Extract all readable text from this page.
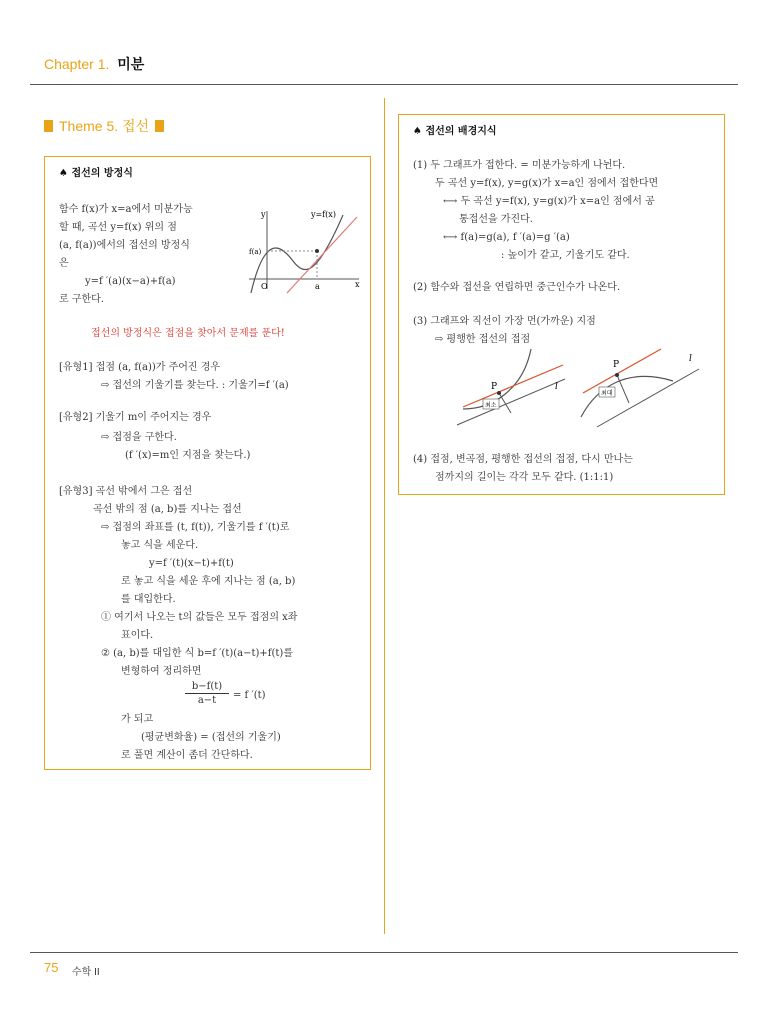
Chapter 1. 미분
Theme 5. 접선
♠ 접선의 방정식
함수 f(x)가 x=a에서 미분가능
할 때, 곡선 y=f(x) 위의 점
(a, f(a))에서의 접선의 방정식
은
y=f ′(a)(x−a)+f(a)
로 구한다.
y
x
y=f(x)
f(a)
O	a
접선의 방정식은 접점을 찾아서 문제를 푼다!
[유형1] 접점 (a, f(a))가 주어진 경우
⇨ 접선의 기울기를 찾는다. : 기울기=f ′(a)
[유형2] 기울기 m이 주어지는 경우
⇨ 접점을 구한다.
(f ′(x)=m인 지점을 찾는다.)
[유형3] 곡선 밖에서 그은 접선
곡선 밖의 점 (a, b)를 지나는 접선
⇨ 접점의 좌표를 (t, f(t)), 기울기를 f ′(t)로
놓고 식을 세운다.
y=f ′(t)(x−t)+f(t)
로 놓고 식을 세운 후에 지나는 점 (a, b)
를 대입한다.
① 여기서 나오는 t의 값들은 모두 접점의 x좌
표이다.
② (a, b)를 대입한 식 b=f ′(t)(a−t)+f(t)를
변형하여 정리하면
b−f(t)
a−t	= f ′(t)
가 되고
(평균변화율) = (접선의 기울기)
로 풀면 계산이 좀더 간단하다.
♠ 접선의 배경지식
(1) 두 그래프가 접한다. = 미분가능하게 나뉜다.
두 곡선 y=f(x), y=g(x)가 x=a인 점에서 접한다면
⟷ 두 곡선 y=f(x), y=g(x)가 x=a인 점에서 공
통접선을 가진다.
⟷ f(a)=g(a), f ′(a)=g ′(a)
: 높이가 같고, 기울기도 같다.
(2) 함수와 접선을 연립하면 중근인수가 나온다.
(3) 그래프와 직선이 가장 먼(가까운) 지점
⇨ 평행한 접선의 접점
최소
P	l
최대
P
l
(4) 접점, 변곡점, 평행한 접선의 접점, 다시 만나는
점까지의 길이는 각각 모두 같다. (1:1:1)
75 수학 II
